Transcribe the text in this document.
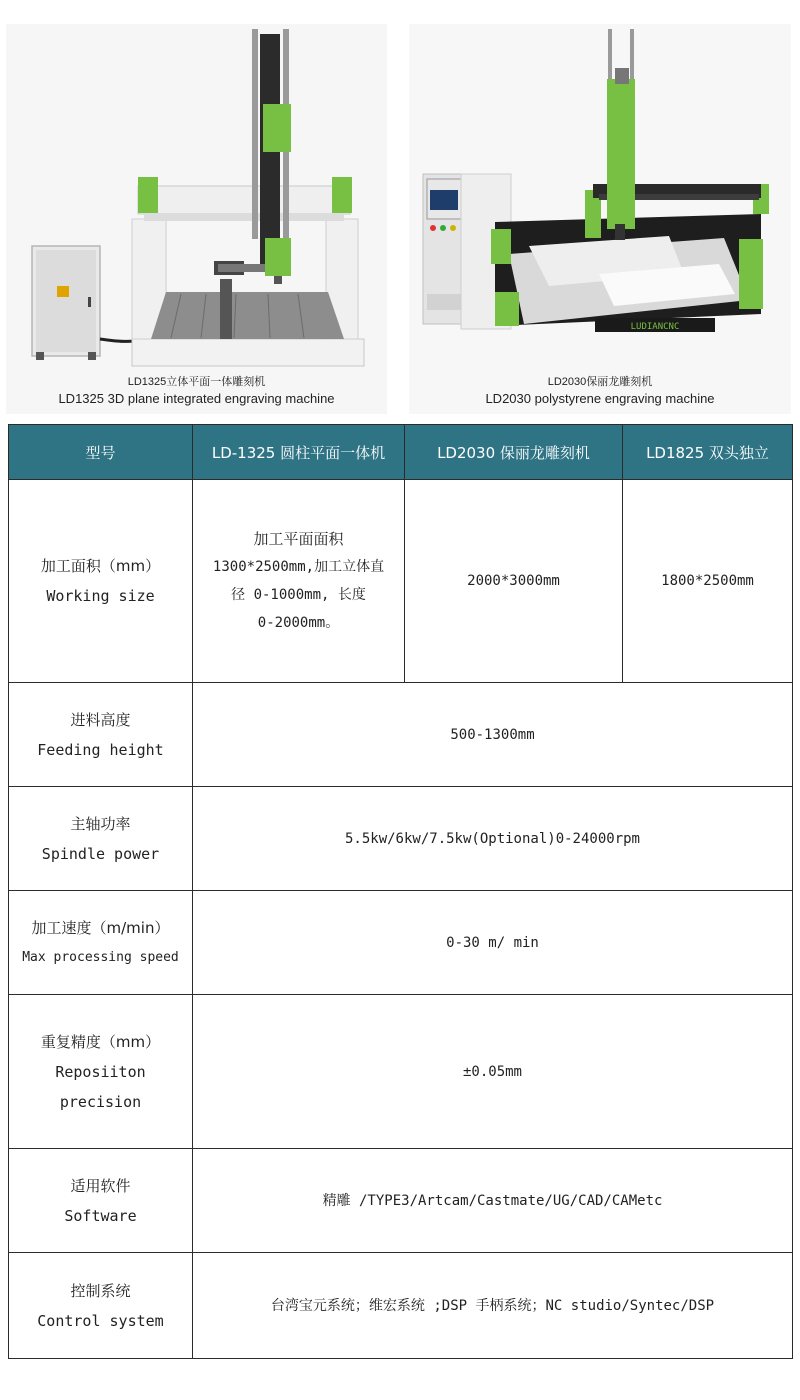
LD1325立体平面一体雕刻机
LD1325 3D plane integrated engraving machine
LUDIANCNC
LD2030保丽龙雕刻机
LD2030 polystyrene engraving machine
型号	LD-1325 圆柱平面一体机	LD2030 保丽龙雕刻机	LD1825 双头独立

加工面积（mm）
Working size	加工平面面积
1300*2500mm,加工立体直
径 0-1000mm, 长度
0-2000mm。	2000*3000mm	1800*2500mm

进料高度
Feeding height	500-1300mm		

主轴功率
Spindle power	5.5kw/6kw/7.5kw(Optional)0-24000rpm		

加工速度（m/min）
Max processing speed	0-30 m/ min		

重复精度（mm）
Reposiiton
precision	±0.05mm		

适用软件
Software	精雕 /TYPE3/Artcam/Castmate/UG/CAD/CAMetc		

控制系统
Control system	台湾宝元系统；维宏系统 ;DSP 手柄系统；NC studio/Syntec/DSP		
